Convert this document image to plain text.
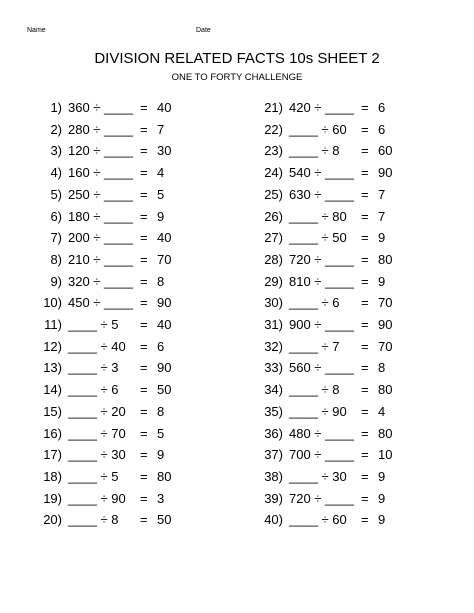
Name	Date
DIVISION RELATED FACTS 10s SHEET 2
ONE TO FORTY CHALLENGE
1) 360 ÷ ____ = 40
2) 280 ÷ ____ = 7
3) 120 ÷ ____ = 30
4) 160 ÷ ____ = 4
5) 250 ÷ ____ = 5
6) 180 ÷ ____ = 9
7) 200 ÷ ____ = 40
8) 210 ÷ ____ = 70
9) 320 ÷ ____ = 8
10) 450 ÷ ____ = 90
11) ____ ÷ 5 = 40
12) ____ ÷ 40 = 6
13) ____ ÷ 3 = 90
14) ____ ÷ 6 = 50
15) ____ ÷ 20 = 8
16) ____ ÷ 70 = 5
17) ____ ÷ 30 = 9
18) ____ ÷ 5 = 80
19) ____ ÷ 90 = 3
20) ____ ÷ 8 = 50
21) 420 ÷ ____ = 6
22) ____ ÷ 60 = 6
23) ____ ÷ 8 = 60
24) 540 ÷ ____ = 90
25) 630 ÷ ____ = 7
26) ____ ÷ 80 = 7
27) ____ ÷ 50 = 9
28) 720 ÷ ____ = 80
29) 810 ÷ ____ = 9
30) ____ ÷ 6 = 70
31) 900 ÷ ____ = 90
32) ____ ÷ 7 = 70
33) 560 ÷ ____ = 8
34) ____ ÷ 8 = 80
35) ____ ÷ 90 = 4
36) 480 ÷ ____ = 80
37) 700 ÷ ____ = 10
38) ____ ÷ 30 = 9
39) 720 ÷ ____ = 9
40) ____ ÷ 60 = 9
